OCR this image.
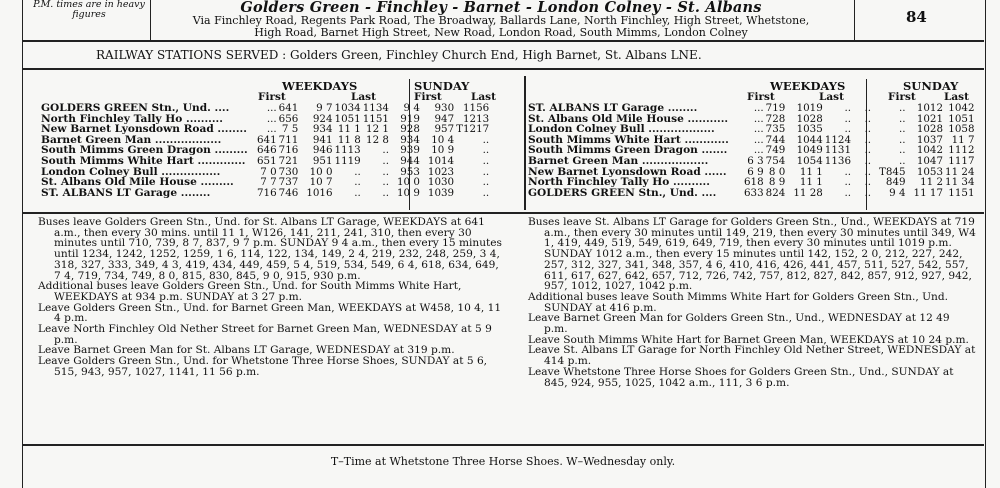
P.M. times are in heavy figures	Golders Green - Finchley - Barnet - London Colney - St. Albans
Via Finchley Road, Regents Park Road, The Broadway, Ballards Lane, North Finchley, High Street, Whetstone,
High Road, Barnet High Street, New Road, London Road, South Mimms, London Colney
84
RAILWAY STATIONS SERVED : Golders Green, Finchley Church End, High Barnet, St. Albans LNE.
WEEKDAYS	SUNDAY
First	Last	First	Last
WEEKDAYS	SUNDAY
First	Last	First	Last
GOLDERS GREEN Stn., Und. ....	...	641		9 7	1034	1134		9 4		930	1156
North Finchley Tally Ho ..........	...	656		924	1051	1151		919		947	1213
New Barnet Lyonsdown Road ........	...	7 5		934	11 1	12 1		928		957	T1217
Barnet Green Man ..................	641	711		941	11 8	12 8		934		10 4	..
South Mimms Green Dragon .........	646	716		946	1113	..		939		10 9	..
South Mimms White Hart .............	651	721		951	1119	..		944		1014	..
London Colney Bull ................	7 0	730		10 0	..	..		953		1023	..
St. Albans Old Mile House .........	7 7	737		10 7	..	..		10 0		1030	..
ST. ALBANS LT Garage ........	716	746		1016	..	..		10 9		1039	..
ST. ALBANS LT Garage ........	...	719		1019	..	..		..		1012	1042
St. Albans Old Mile House ...........	...	728		1028	..	..		..		1021	1051
London Colney Bull ..................	...	735		1035	..	..		..		1028	1058
South Mimms White Hart ............	...	744		1044	1124	..		..		1037	11 7
South Mimms Green Dragon .......	...	749		1049	1131	..		..		1042	1112
Barnet Green Man ..................	6 3	754		1054	1136	..		..		1047	1117
New Barnet Lyonsdown Road ......	6 9	8 0		11 1	..	..		T845		1053	11 24
North Finchley Tally Ho ..........	618	8 9		11 1	..	..		849		11 2	11 34
GOLDERS GREEN Stn., Und. ....	633	824		11 28	..	..		9 4		11 17	1151

Buses leave Golders Green Stn., Und. for St. Albans LT Garage, WEEKDAYS at 641 a.m., then every 30 mins. until 11 1, W126, 141, 211, 241, 310, then every 30 minutes until 710, 739, 8 7, 837, 9 7 p.m. SUNDAY 9 4 a.m., then every 15 minutes until 1234, 1242, 1252, 1259, 1 6, 114, 122, 134, 149, 2 4, 219, 232, 248, 259, 3 4, 318, 327, 333, 349, 4 3, 419, 434, 449, 459, 5 4, 519, 534, 549, 6 4, 618, 634, 649, 7 4, 719, 734, 749, 8 0, 815, 830, 845, 9 0, 915, 930 p.m.

Additional buses leave Golders Green Stn., Und. for South Mimms White Hart, WEEKDAYS at 934 p.m. SUNDAY at 3 27 p.m.

Leave Golders Green Stn., Und. for Barnet Green Man, WEEKDAYS at W458, 10 4, 11 4 p.m.

Leave North Finchley Old Nether Street for Barnet Green Man, WEDNESDAY at 5 9 p.m.

Leave Barnet Green Man for St. Albans LT Garage, WEDNESDAY at 319 p.m.

Leave Golders Green Stn., Und. for Whetstone Three Horse Shoes, SUNDAY at 5 6, 515, 943, 957, 1027, 1141, 11 56 p.m.

Buses leave St. Albans LT Garage for Golders Green Stn., Und., WEEKDAYS at 719 a.m., then every 30 minutes until 149, 219, then every 30 minutes until 349, W4 1, 419, 449, 519, 549, 619, 649, 719, then every 30 minutes until 1019 p.m. SUNDAY 1012 a.m., then every 15 minutes until 142, 152, 2 0, 212, 227, 242, 257, 312, 327, 341, 348, 357, 4 6, 410, 416, 426, 441, 457, 511, 527, 542, 557, 611, 617, 627, 642, 657, 712, 726, 742, 757, 812, 827, 842, 857, 912, 927, 942, 957, 1012, 1027, 1042 p.m.

Additional buses leave South Mimms White Hart for Golders Green Stn., Und. SUNDAY at 416 p.m.

Leave Barnet Green Man for Golders Green Stn., Und., WEDNESDAY at 12 49 p.m.

Leave South Mimms White Hart for Barnet Green Man, WEEKDAYS at 10 24 p.m.

Leave St. Albans LT Garage for North Finchley Old Nether Street, WEDNESDAY at 414 p.m.

Leave Whetstone Three Horse Shoes for Golders Green Stn., Und., SUNDAY at 845, 924, 955, 1025, 1042 a.m., 111, 3 6 p.m.

T–Time at Whetstone Three Horse Shoes. W–Wednesday only.
